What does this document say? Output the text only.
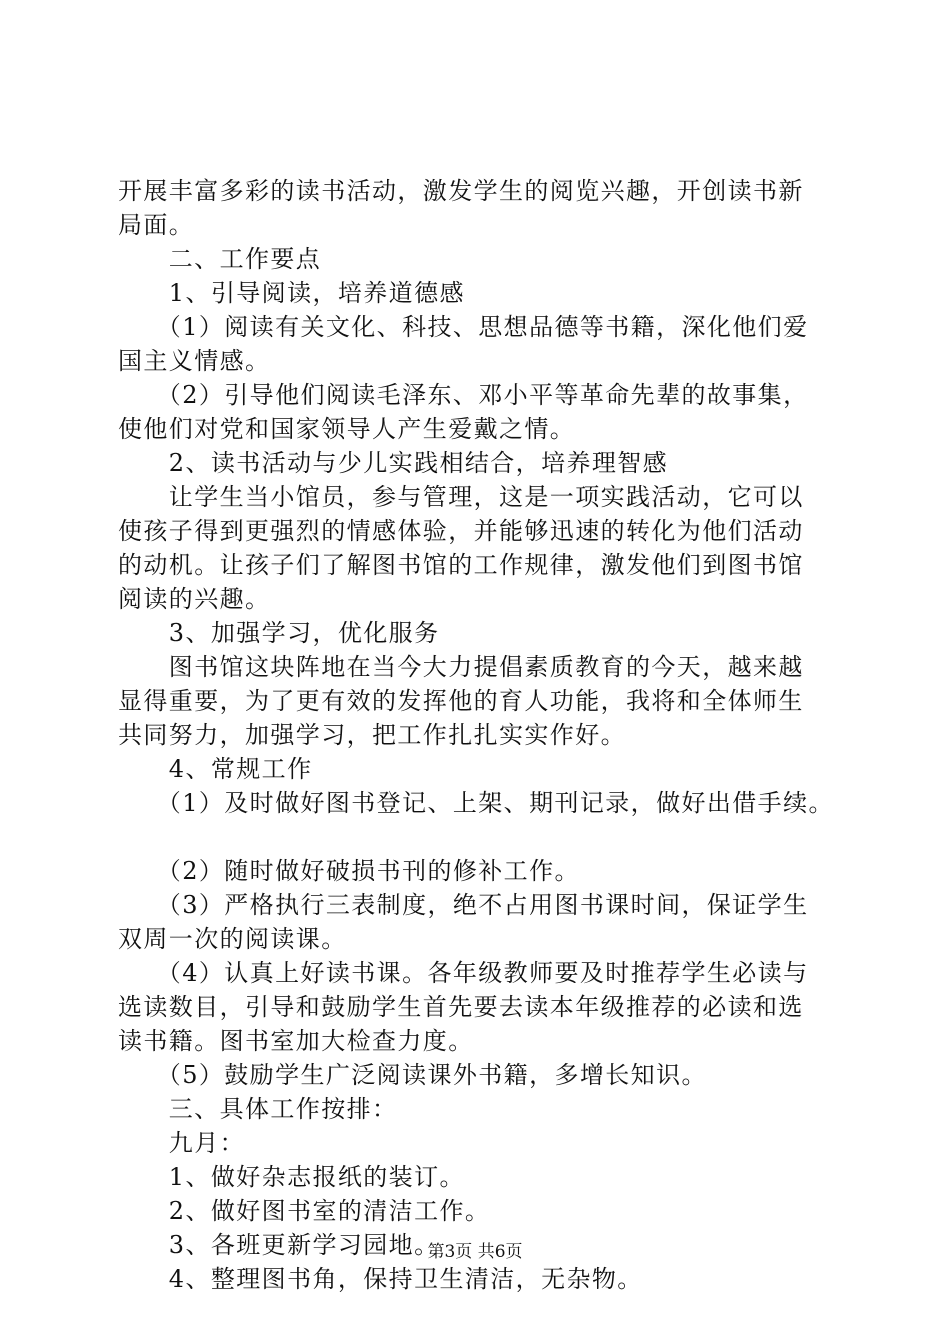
开展丰富多彩的读书活动，激发学生的阅览兴趣，开创读书新
局面。
　　二、工作要点
　　1、引导阅读，培养道德感
　　（1）阅读有关文化、科技、思想品德等书籍，深化他们爱
国主义情感。
　　（2）引导他们阅读毛泽东、邓小平等革命先辈的故事集，
使他们对党和国家领导人产生爱戴之情。
　　2、读书活动与少儿实践相结合，培养理智感
　　让学生当小馆员，参与管理，这是一项实践活动，它可以
使孩子得到更强烈的情感体验，并能够迅速的转化为他们活动
的动机。让孩子们了解图书馆的工作规律，激发他们到图书馆
阅读的兴趣。
　　3、加强学习，优化服务
　　图书馆这块阵地在当今大力提倡素质教育的今天，越来越
显得重要，为了更有效的发挥他的育人功能，我将和全体师生
共同努力，加强学习，把工作扎扎实实作好。
　　4、常规工作
　　（1）及时做好图书登记、上架、期刊记录，做好出借手续。
　　（2）随时做好破损书刊的修补工作。
　　（3）严格执行三表制度，绝不占用图书课时间，保证学生
双周一次的阅读课。
　　（4）认真上好读书课。各年级教师要及时推荐学生必读与
选读数目，引导和鼓励学生首先要去读本年级推荐的必读和选
读书籍。图书室加大检查力度。
　　（5）鼓励学生广泛阅读课外书籍，多增长知识。
　　三、具体工作按排：
　　九月：
　　1、做好杂志报纸的装订。
　　2、做好图书室的清洁工作。
　　3、各班更新学习园地。
　　4、整理图书角，保持卫生清洁，无杂物。
第3页 共6页
